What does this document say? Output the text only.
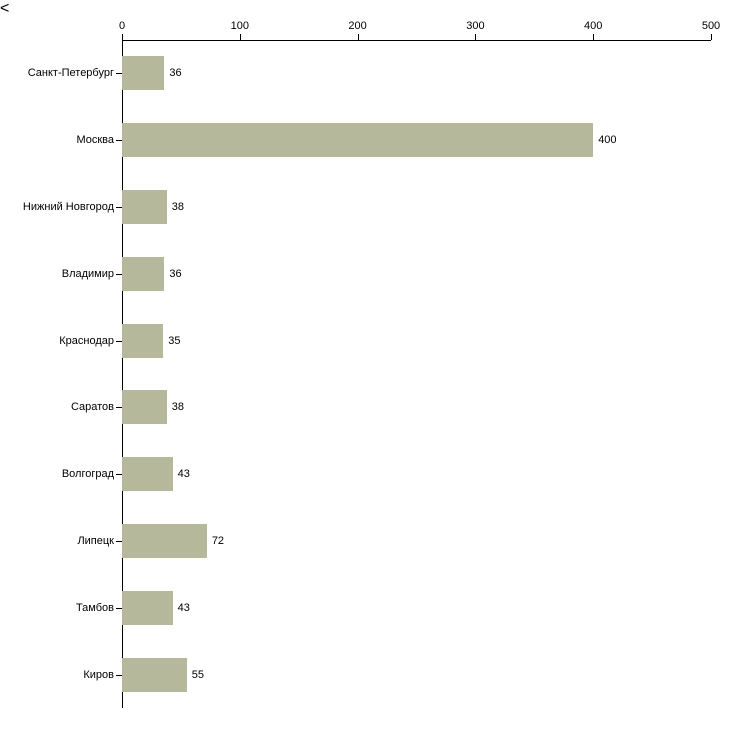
<
0	100	200	300	400	500
Санкт-Петербург
Москва
Нижний Новгород
Владимир
Краснодар
Саратов
Волгоград
Липецк
Тамбов
Киров
36
400
38
36
35
38
43
72
43
55
